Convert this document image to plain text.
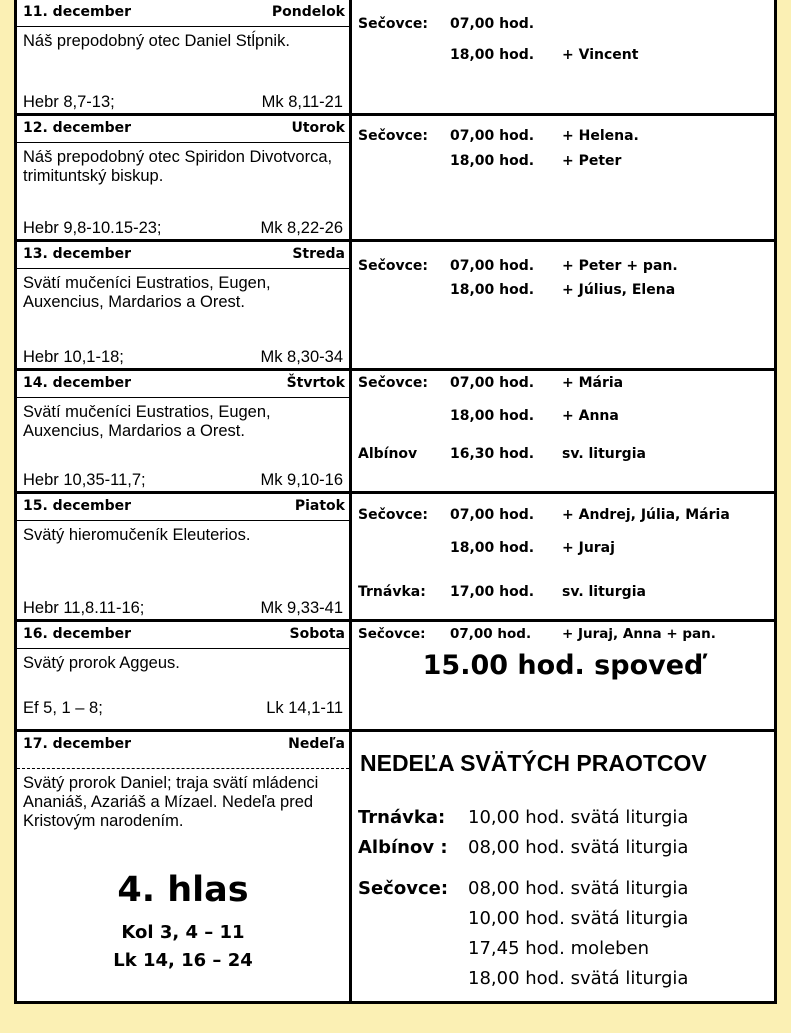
11. december	Pondelok
Náš prepodobný otec Daniel Stĺpnik.
Hebr 8,7-13;	Mk 8,11-21
Sečovce: 07,00 hod.
18,00 hod. + Vincent
12. december	Utorok
Náš prepodobný otec Spiridon Divotvorca, trimituntský biskup.
Hebr 9,8-10.15-23;	Mk 8,22-26
Sečovce: 07,00 hod. + Helena.
18,00 hod. + Peter
13. december	Streda
Svätí mučeníci Eustratios, Eugen, Auxencius, Mardarios a Orest.
Hebr 10,1-18;	Mk 8,30-34
Sečovce: 07,00 hod. + Peter + pan.
18,00 hod. + Július, Elena
14. december	Štvrtok
Svätí mučeníci Eustratios, Eugen, Auxencius, Mardarios a Orest.
Hebr 10,35-11,7;	Mk 9,10-16
Sečovce: 07,00 hod. + Mária
18,00 hod. + Anna
Albínov 16,30 hod. sv. liturgia
15. december	Piatok
Svätý hieromučeník Eleuterios.
Hebr 11,8.11-16;	Mk 9,33-41
Sečovce: 07,00 hod. + Andrej, Júlia, Mária
18,00 hod. + Juraj
Trnávka: 17,00 hod. sv. liturgia
16. december	Sobota
Svätý prorok Aggeus.
Ef 5, 1 – 8;	Lk 14,1-11
Sečovce: 07,00 hod. + Juraj, Anna + pan.
15.00 hod. spoveď
17. december	Nedeľa
Svätý prorok Daniel; traja svätí mládenci Ananiáš, Azariáš a Mízael. Nedeľa pred Kristovým narodením.
4. hlas
Kol 3, 4 – 11
Lk 14, 16 – 24
NEDEĽA SVÄTÝCH PRAOTCOV
Trnávka: 10,00 hod. svätá liturgia
Albínov : 08,00 hod. svätá liturgia
Sečovce: 08,00 hod. svätá liturgia
10,00 hod. svätá liturgia
17,45 hod. moleben
18,00 hod. svätá liturgia
